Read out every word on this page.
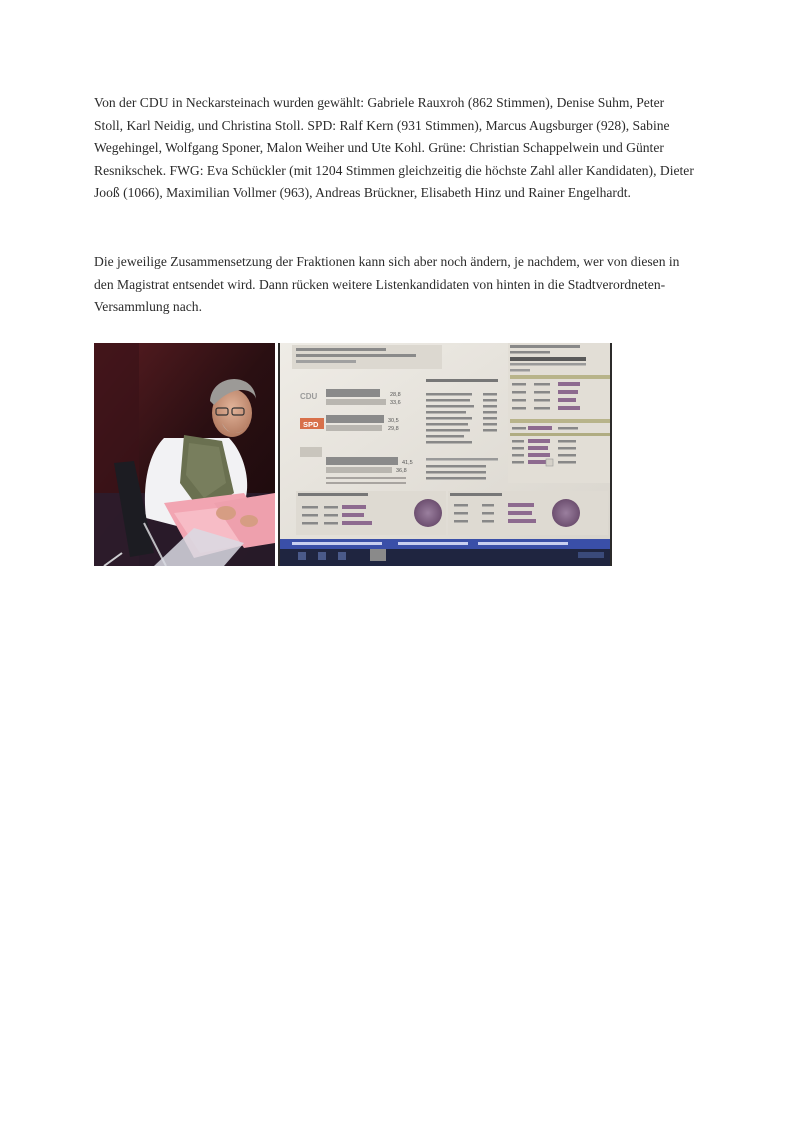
Von der CDU in Neckarsteinach wurden gewählt: Gabriele Rauxroh (862 Stimmen), Denise Suhm, Peter Stoll, Karl Neidig, und Christina Stoll. SPD: Ralf Kern (931 Stimmen), Marcus Augsburger (928), Sabine Wegehingel, Wolfgang Sponer, Malon Weiher und Ute Kohl. Grüne: Christian Schappelwein und Günter Resnikschek. FWG: Eva Schückler (mit 1204 Stimmen gleichzeitig die höchste Zahl aller Kandidaten), Dieter Jooß (1066), Maximilian Vollmer (963), Andreas Brückner, Elisabeth Hinz und Rainer Engelhardt.

Die jeweilige Zusammensetzung der Fraktionen kann sich aber noch ändern, je nachdem, wer von diesen in den Magistrat entsendet wird. Dann rücken weitere Listenkandidaten von hinten in die Stadtverordneten-Versammlung nach.

CDU	28,8
33,6
SPD	30,5
29,8
41,5
36,8
